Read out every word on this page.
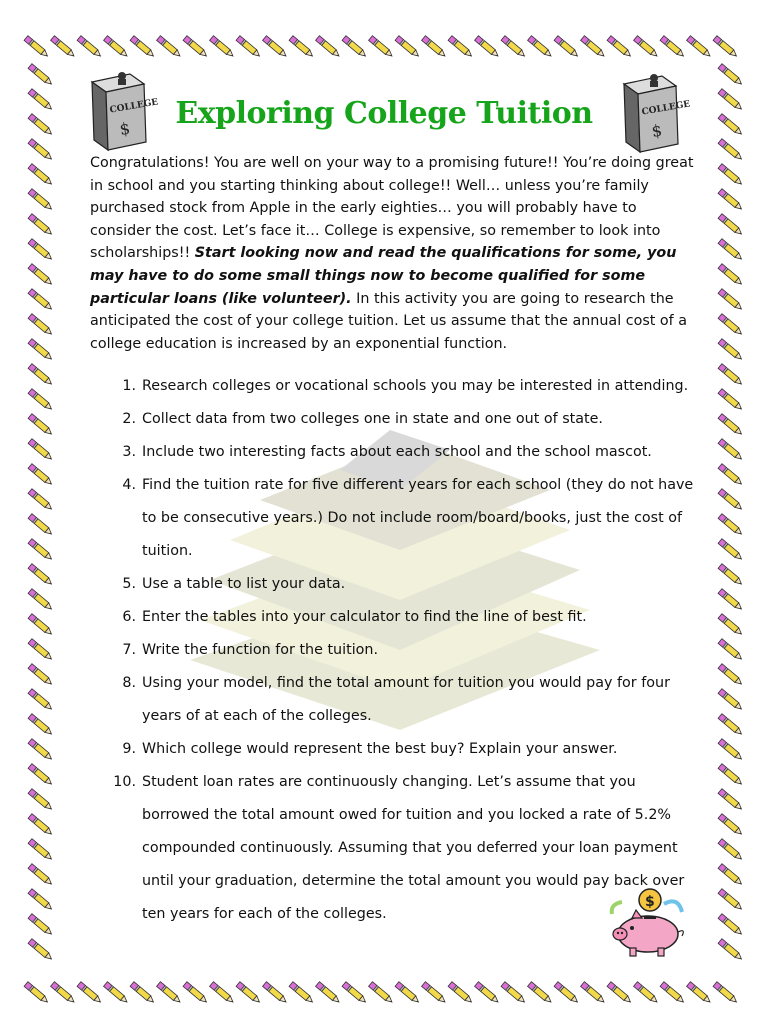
COLLEGE
$
COLLEGE
$
Exploring College Tuition

Congratulations! You are well on your way to a promising future!! You’re doing great in school and you starting thinking about college!! Well… unless you’re family purchased stock from Apple in the early eighties… you will probably have to consider the cost. Let’s face it… College is expensive, so remember to look into scholarships!! Start looking now and read the qualifications for some, you may have to do some small things now to become qualified for some particular loans (like volunteer). In this activity you are going to research the anticipated the cost of your college tuition. Let us assume that the annual cost of a college education is increased by an exponential function.

1. Research colleges or vocational schools you may be interested in attending.
2. Collect data from two colleges one in state and one out of state.
3. Include two interesting facts about each school and the school mascot.
4. Find the tuition rate for five different years for each school (they do not have to be consecutive years.) Do not include room/board/books, just the cost of tuition.
5. Use a table to list your data.
6. Enter the tables into your calculator to find the line of best fit.
7. Write the function for the tuition.
8. Using your model, find the total amount for tuition you would pay for four years of at each of the colleges.
9. Which college would represent the best buy? Explain your answer.
10. Student loan rates are continuously changing. Let’s assume that you borrowed the total amount owed for tuition and you locked a rate of 5.2% compounded continuously. Assuming that you deferred your loan payment until your graduation, determine the total amount you would pay back over ten years for each of the colleges.
$
